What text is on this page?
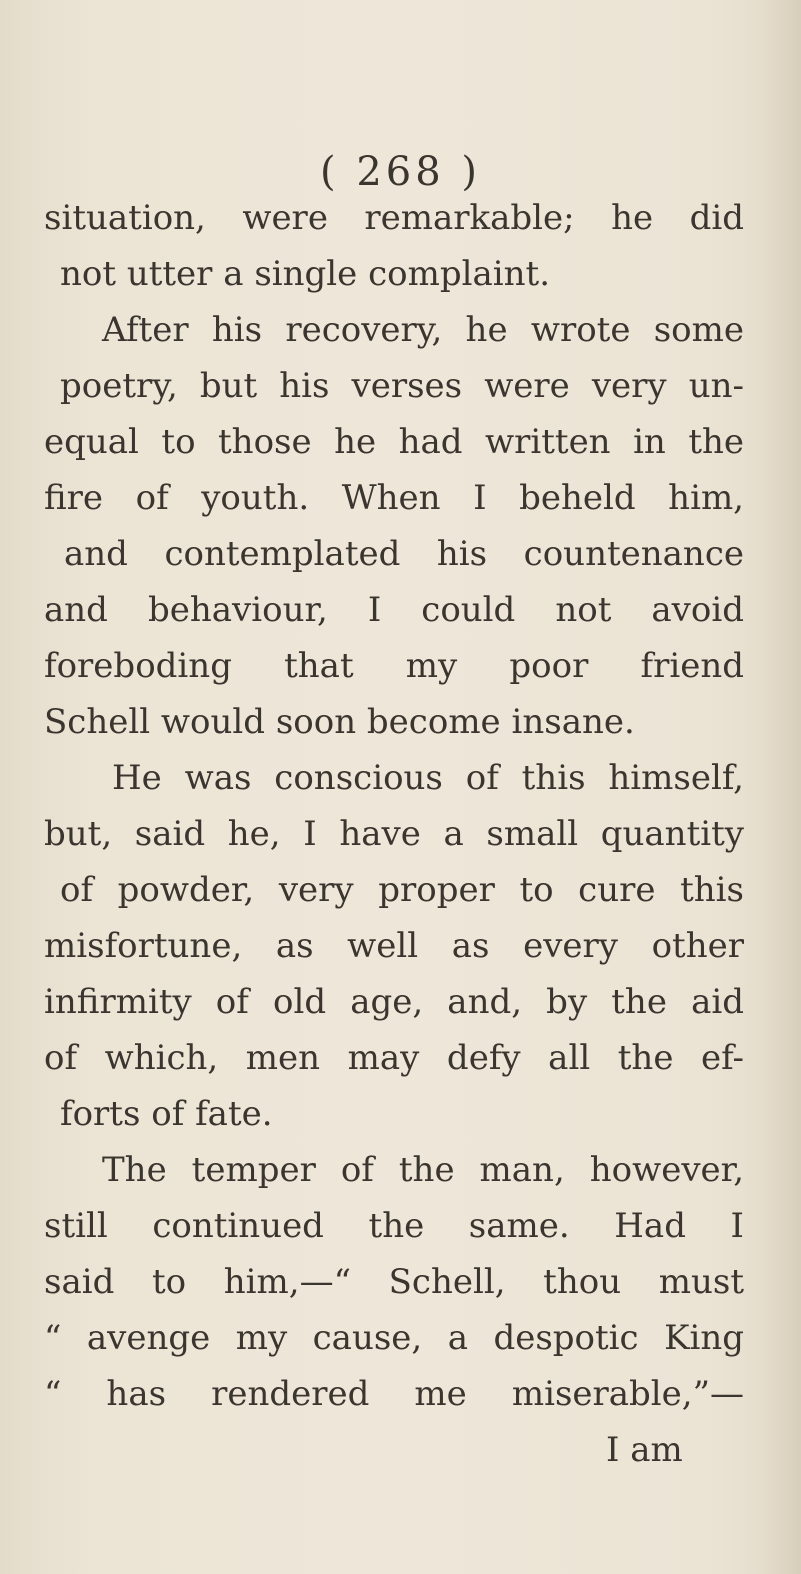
( 268 )
situation, were remarkable; he did
not utter a single complaint.
After his recovery, he wrote some
poetry, but his verses were very un-
equal to those he had written in the
fire of youth. When I beheld him,
and contemplated his countenance
and behaviour, I could not avoid
foreboding that my poor friend
Schell would soon become insane.
He was conscious of this himself,
but, said he, I have a small quantity
of powder, very proper to cure this
misfortune, as well as every other
infirmity of old age, and, by the aid
of which, men may defy all the ef-
forts of fate.
The temper of the man, however,
still continued the same. Had I
said to him,—“ Schell, thou must
“ avenge my cause, a despotic King
“ has rendered me miserable,”—
I am
